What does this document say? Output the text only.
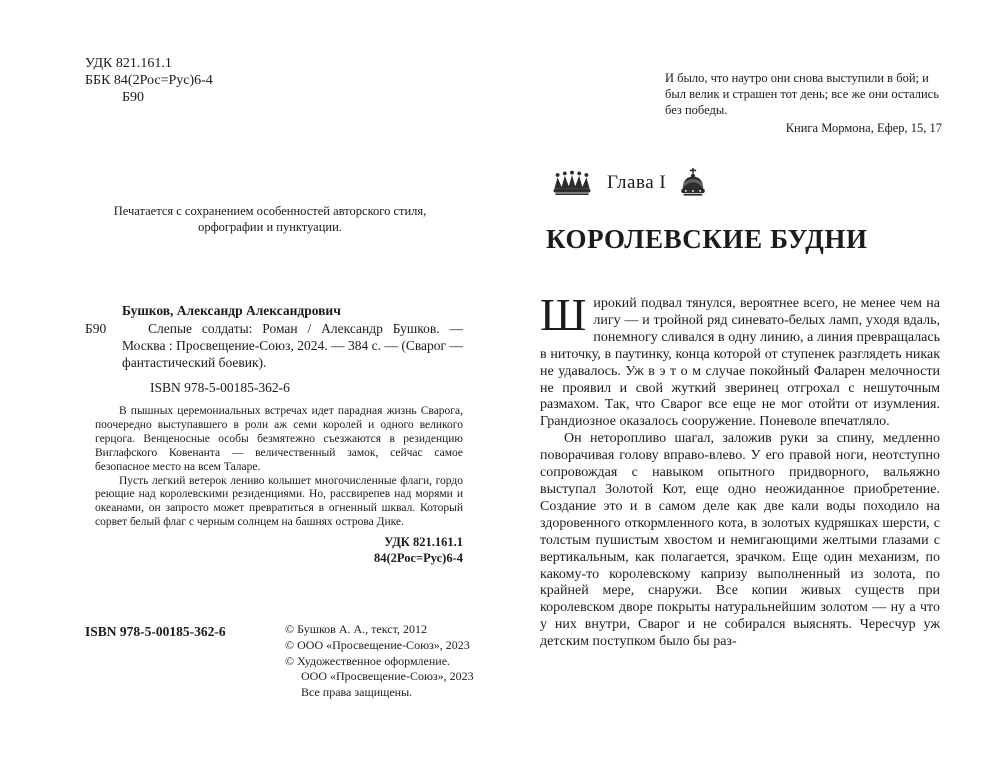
УДК 821.161.1
ББК 84(2Рос=Рус)6-4
Б90
Печатается с сохранением особенностей авторского стиля, орфографии и пунктуации.
Бушков, Александр Александрович
Б90	Слепые солдаты: Роман / Александр Бушков. — Москва : Просвещение-Союз, 2024. — 384 с. — (Сварог — фантастический боевик).

ISBN 978-5-00185-362-6

В пышных церемониальных встречах идет парадная жизнь Сварога, поочередно выступавшего в роли аж семи королей и одного великого герцога. Венценосные особы безмятежно съезжаются в резиденцию Виглафского Ковенанта — величественный замок, сейчас самое безопасное место на всем Таларе.

Пусть легкий ветерок лениво колышет многочисленные флаги, гордо реющие над королевскими резиденциями. Но, рассвирепев над морями и океанами, он запросто может превратиться в огненный шквал. Который сорвет белый флаг с черным солнцем на башнях острова Дике.

УДК 821.161.1
84(2Рос=Рус)6-4
ISBN 978-5-00185-362-6	© Бушков А. А., текст, 2012
© ООО «Просвещение-Союз», 2023
© Художественное оформление.
ООО «Просвещение-Союз», 2023
Все права защищены.

И было, что наутро они снова выступили в бой; и был велик и страшен тот день; все же они остались без победы.

Книга Мормона, Ефер, 15, 17
Глава I
КОРОЛЕВСКИЕ БУДНИ

Широкий подвал тянулся, вероятнее всего, не менее чем на лигу — и тройной ряд синевато-белых ламп, уходя вдаль, понемногу сливался в одну линию, а линия превращалась в ниточку, в паутинку, конца которой от ступенек разглядеть никак не удавалось. Уж в э т о м случае покойный Фаларен мелочности не проявил и свой жуткий зверинец отгрохал с нешуточным размахом. Так, что Сварог все еще не мог отойти от изумления. Грандиозное оказалось сооружение. Поневоле впечатляло.

Он неторопливо шагал, заложив руки за спину, медленно поворачивая голову вправо-влево. У его правой ноги, неотступно сопровождая с навыком опытного придворного, вальяжно выступал Золотой Кот, еще одно неожиданное приобретение. Создание это и в самом деле как две кали воды походило на здоровенного откормленного кота, в золотых кудряшках шерсти, с толстым пушистым хвостом и немигающими желтыми глазами с вертикальным, как полагается, зрачком. Еще один механизм, по какому-то королевскому капризу выполненный из золота, по крайней мере, снаружи. Все копии живых существ при королевском дворе покрыты натуральнейшим золотом — ну а что у них внутри, Сварог и не собирался выяснять. Чересчур уж детским поступком было бы раз-
